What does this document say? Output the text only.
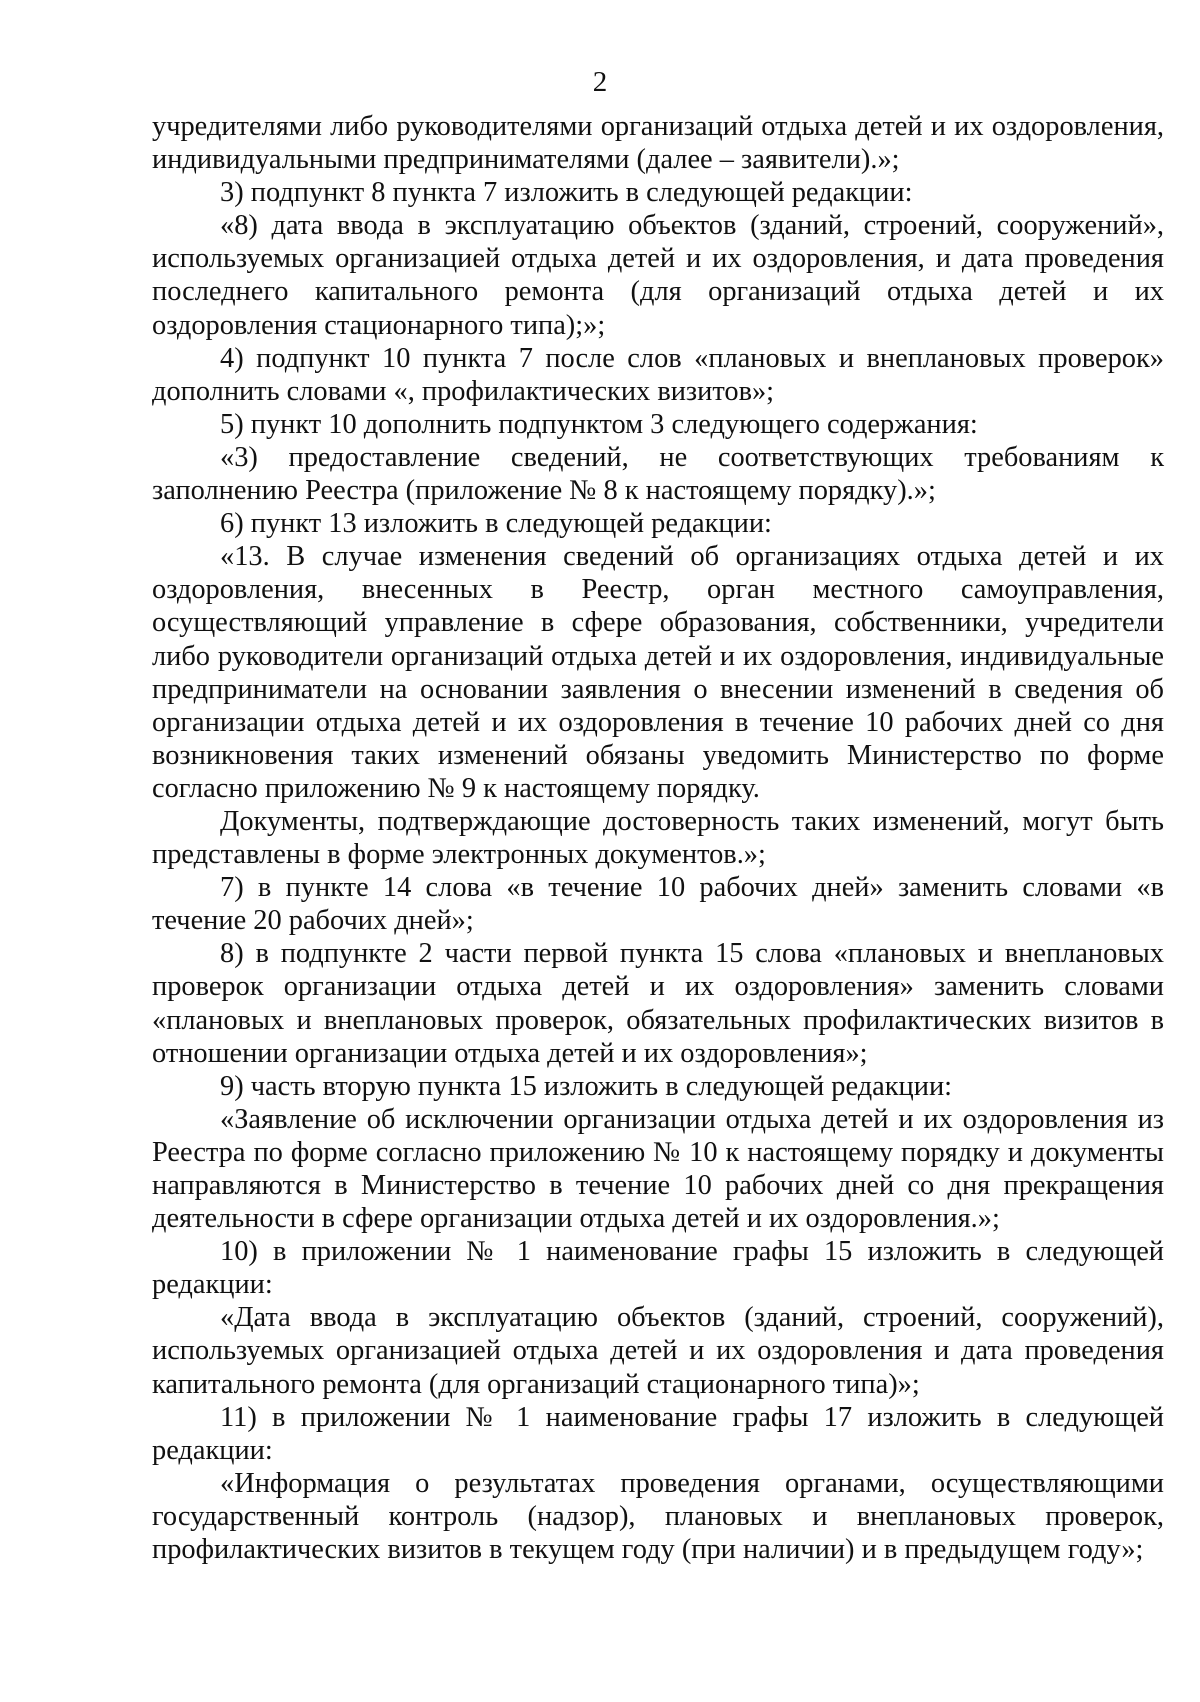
2

учредителями либо руководителями организаций отдыха детей и их оздоровления, индивидуальными предпринимателями (далее – заявители).»;

3) подпункт 8 пункта 7 изложить в следующей редакции:

«8) дата ввода в эксплуатацию объектов (зданий, строений, сооружений», используемых организацией отдыха детей и их оздоровления, и дата проведения последнего капитального ремонта (для организаций отдыха детей и их оздоровления стационарного типа);»;

4) подпункт 10 пункта 7 после слов «плановых и внеплановых проверок» дополнить словами «, профилактических визитов»;

5) пункт 10 дополнить подпунктом 3 следующего содержания:

«3) предоставление сведений, не соответствующих требованиям к заполнению Реестра (приложение № 8 к настоящему порядку).»;

6) пункт 13 изложить в следующей редакции:

«13. В случае изменения сведений об организациях отдыха детей и их оздоровления, внесенных в Реестр, орган местного самоуправления, осуществляющий управление в сфере образования, собственники, учредители либо руководители организаций отдыха детей и их оздоровления, индивидуальные предприниматели на основании заявления о внесении изменений в сведения об организации отдыха детей и их оздоровления в течение 10 рабочих дней со дня возникновения таких изменений обязаны уведомить Министерство по форме согласно приложению № 9 к настоящему порядку.

Документы, подтверждающие достоверность таких изменений, могут быть представлены в форме электронных документов.»;

7) в пункте 14 слова «в течение 10 рабочих дней» заменить словами «в течение 20 рабочих дней»;

8) в подпункте 2 части первой пункта 15 слова «плановых и внеплановых проверок организации отдыха детей и их оздоровления» заменить словами «плановых и внеплановых проверок, обязательных профилактических визитов в отношении организации отдыха детей и их оздоровления»;

9) часть вторую пункта 15 изложить в следующей редакции:

«Заявление об исключении организации отдыха детей и их оздоровления из Реестра по форме согласно приложению № 10 к настоящему порядку и документы направляются в Министерство в течение 10 рабочих дней со дня прекращения деятельности в сфере организации отдыха детей и их оздоровления.»;

10) в приложении № 1 наименование графы 15 изложить в следующей редакции:

«Дата ввода в эксплуатацию объектов (зданий, строений, сооружений), используемых организацией отдыха детей и их оздоровления и дата проведения капитального ремонта (для организаций стационарного типа)»;

11) в приложении № 1 наименование графы 17 изложить в следующей редакции:

«Информация о результатах проведения органами, осуществляющими государственный контроль (надзор), плановых и внеплановых проверок, профилактических визитов в текущем году (при наличии) и в предыдущем году»;
